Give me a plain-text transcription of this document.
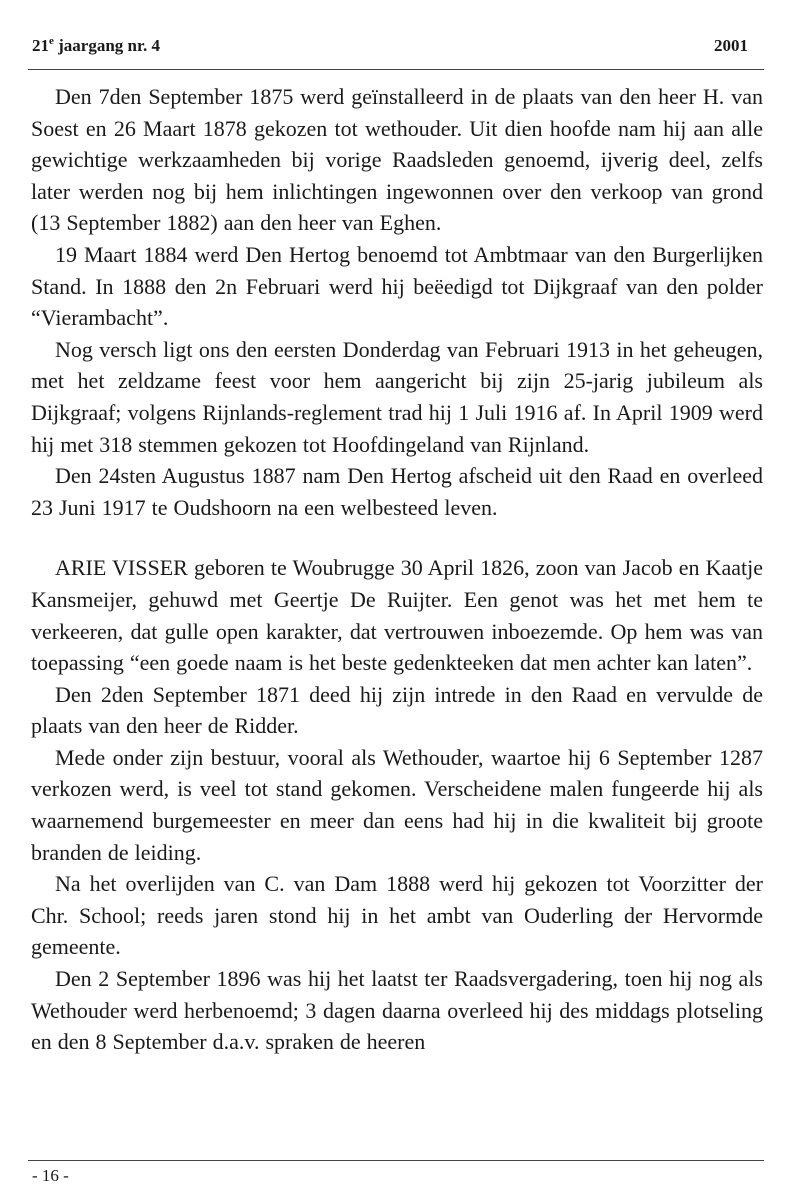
21e jaargang nr. 4	2001

Den 7den September 1875 werd geïnstalleerd in de plaats van den heer H. van Soest en 26 Maart 1878 gekozen tot wethouder. Uit dien hoofde nam hij aan alle gewichtige werkzaamheden bij vorige Raadsleden genoemd, ijverig deel, zelfs later werden nog bij hem inlichtingen ingewonnen over den verkoop van grond (13 September 1882) aan den heer van Eghen.

19 Maart 1884 werd Den Hertog benoemd tot Ambtmaar van den Burgerlijken Stand. In 1888 den 2n Februari werd hij beëedigd tot Dijkgraaf van den polder “Vierambacht”.

Nog versch ligt ons den eersten Donderdag van Februari 1913 in het geheugen, met het zeldzame feest voor hem aangericht bij zijn 25-jarig jubileum als Dijkgraaf; volgens Rijnlands-reglement trad hij 1 Juli 1916 af. In April 1909 werd hij met 318 stemmen gekozen tot Hoofdingeland van Rijnland.

Den 24sten Augustus 1887 nam Den Hertog afscheid uit den Raad en overleed 23 Juni 1917 te Oudshoorn na een welbesteed leven.

ARIE VISSER geboren te Woubrugge 30 April 1826, zoon van Jacob en Kaatje Kansmeijer, gehuwd met Geertje De Ruijter. Een genot was het met hem te verkeeren, dat gulle open karakter, dat vertrouwen inboezemde. Op hem was van toepassing “een goede naam is het beste gedenkteeken dat men achter kan laten”.

Den 2den September 1871 deed hij zijn intrede in den Raad en vervulde de plaats van den heer de Ridder.

Mede onder zijn bestuur, vooral als Wethouder, waartoe hij 6 September 1287 verkozen werd, is veel tot stand gekomen. Verscheidene malen fungeerde hij als waarnemend burgemeester en meer dan eens had hij in die kwaliteit bij groote branden de leiding.

Na het overlijden van C. van Dam 1888 werd hij gekozen tot Voorzitter der Chr. School; reeds jaren stond hij in het ambt van Ouderling der Hervormde gemeente.

Den 2 September 1896 was hij het laatst ter Raadsvergadering, toen hij nog als Wethouder werd herbenoemd; 3 dagen daarna overleed hij des middags plotseling en den 8 September d.a.v. spraken de heeren

- 16 -
